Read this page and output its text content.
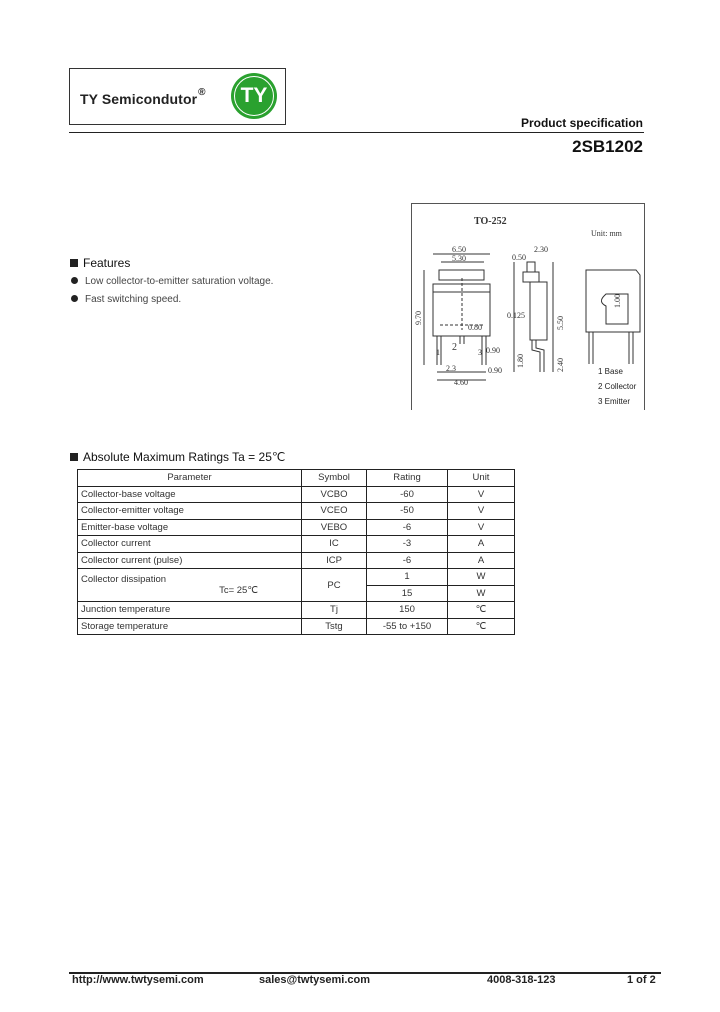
TY Semicondutor®	TY
Product specification
2SB1202
TO-252
Unit: mm
6.50
5.30
2.30
0.50
0.80
0.125
0.90
2.3
4.60
0.90
9.70	5.50
1.80	2.40
1.00
1 2	3
1 Base
2 Collector
3 Emitter
Features
Low collector-to-emitter saturation voltage.
Fast switching speed.
Absolute Maximum Ratings Ta = 25℃
Parameter	Symbol	Rating	Unit
Collector-base voltage	VCBO	-60	V
Collector-emitter voltage	VCEO	-50	V
Emitter-base voltage	VEBO	-6	V
Collector current	IC	-3	A
Collector current (pulse)	ICP	-6	A
Collector dissipation
Tc= 25℃	PC	1	W
		15	W
Junction temperature	Tj	150	℃
Storage temperature	Tstg	-55 to +150	℃
http://www.twtysemi.com	sales@twtysemi.com	4008-318-123	1 of 2
